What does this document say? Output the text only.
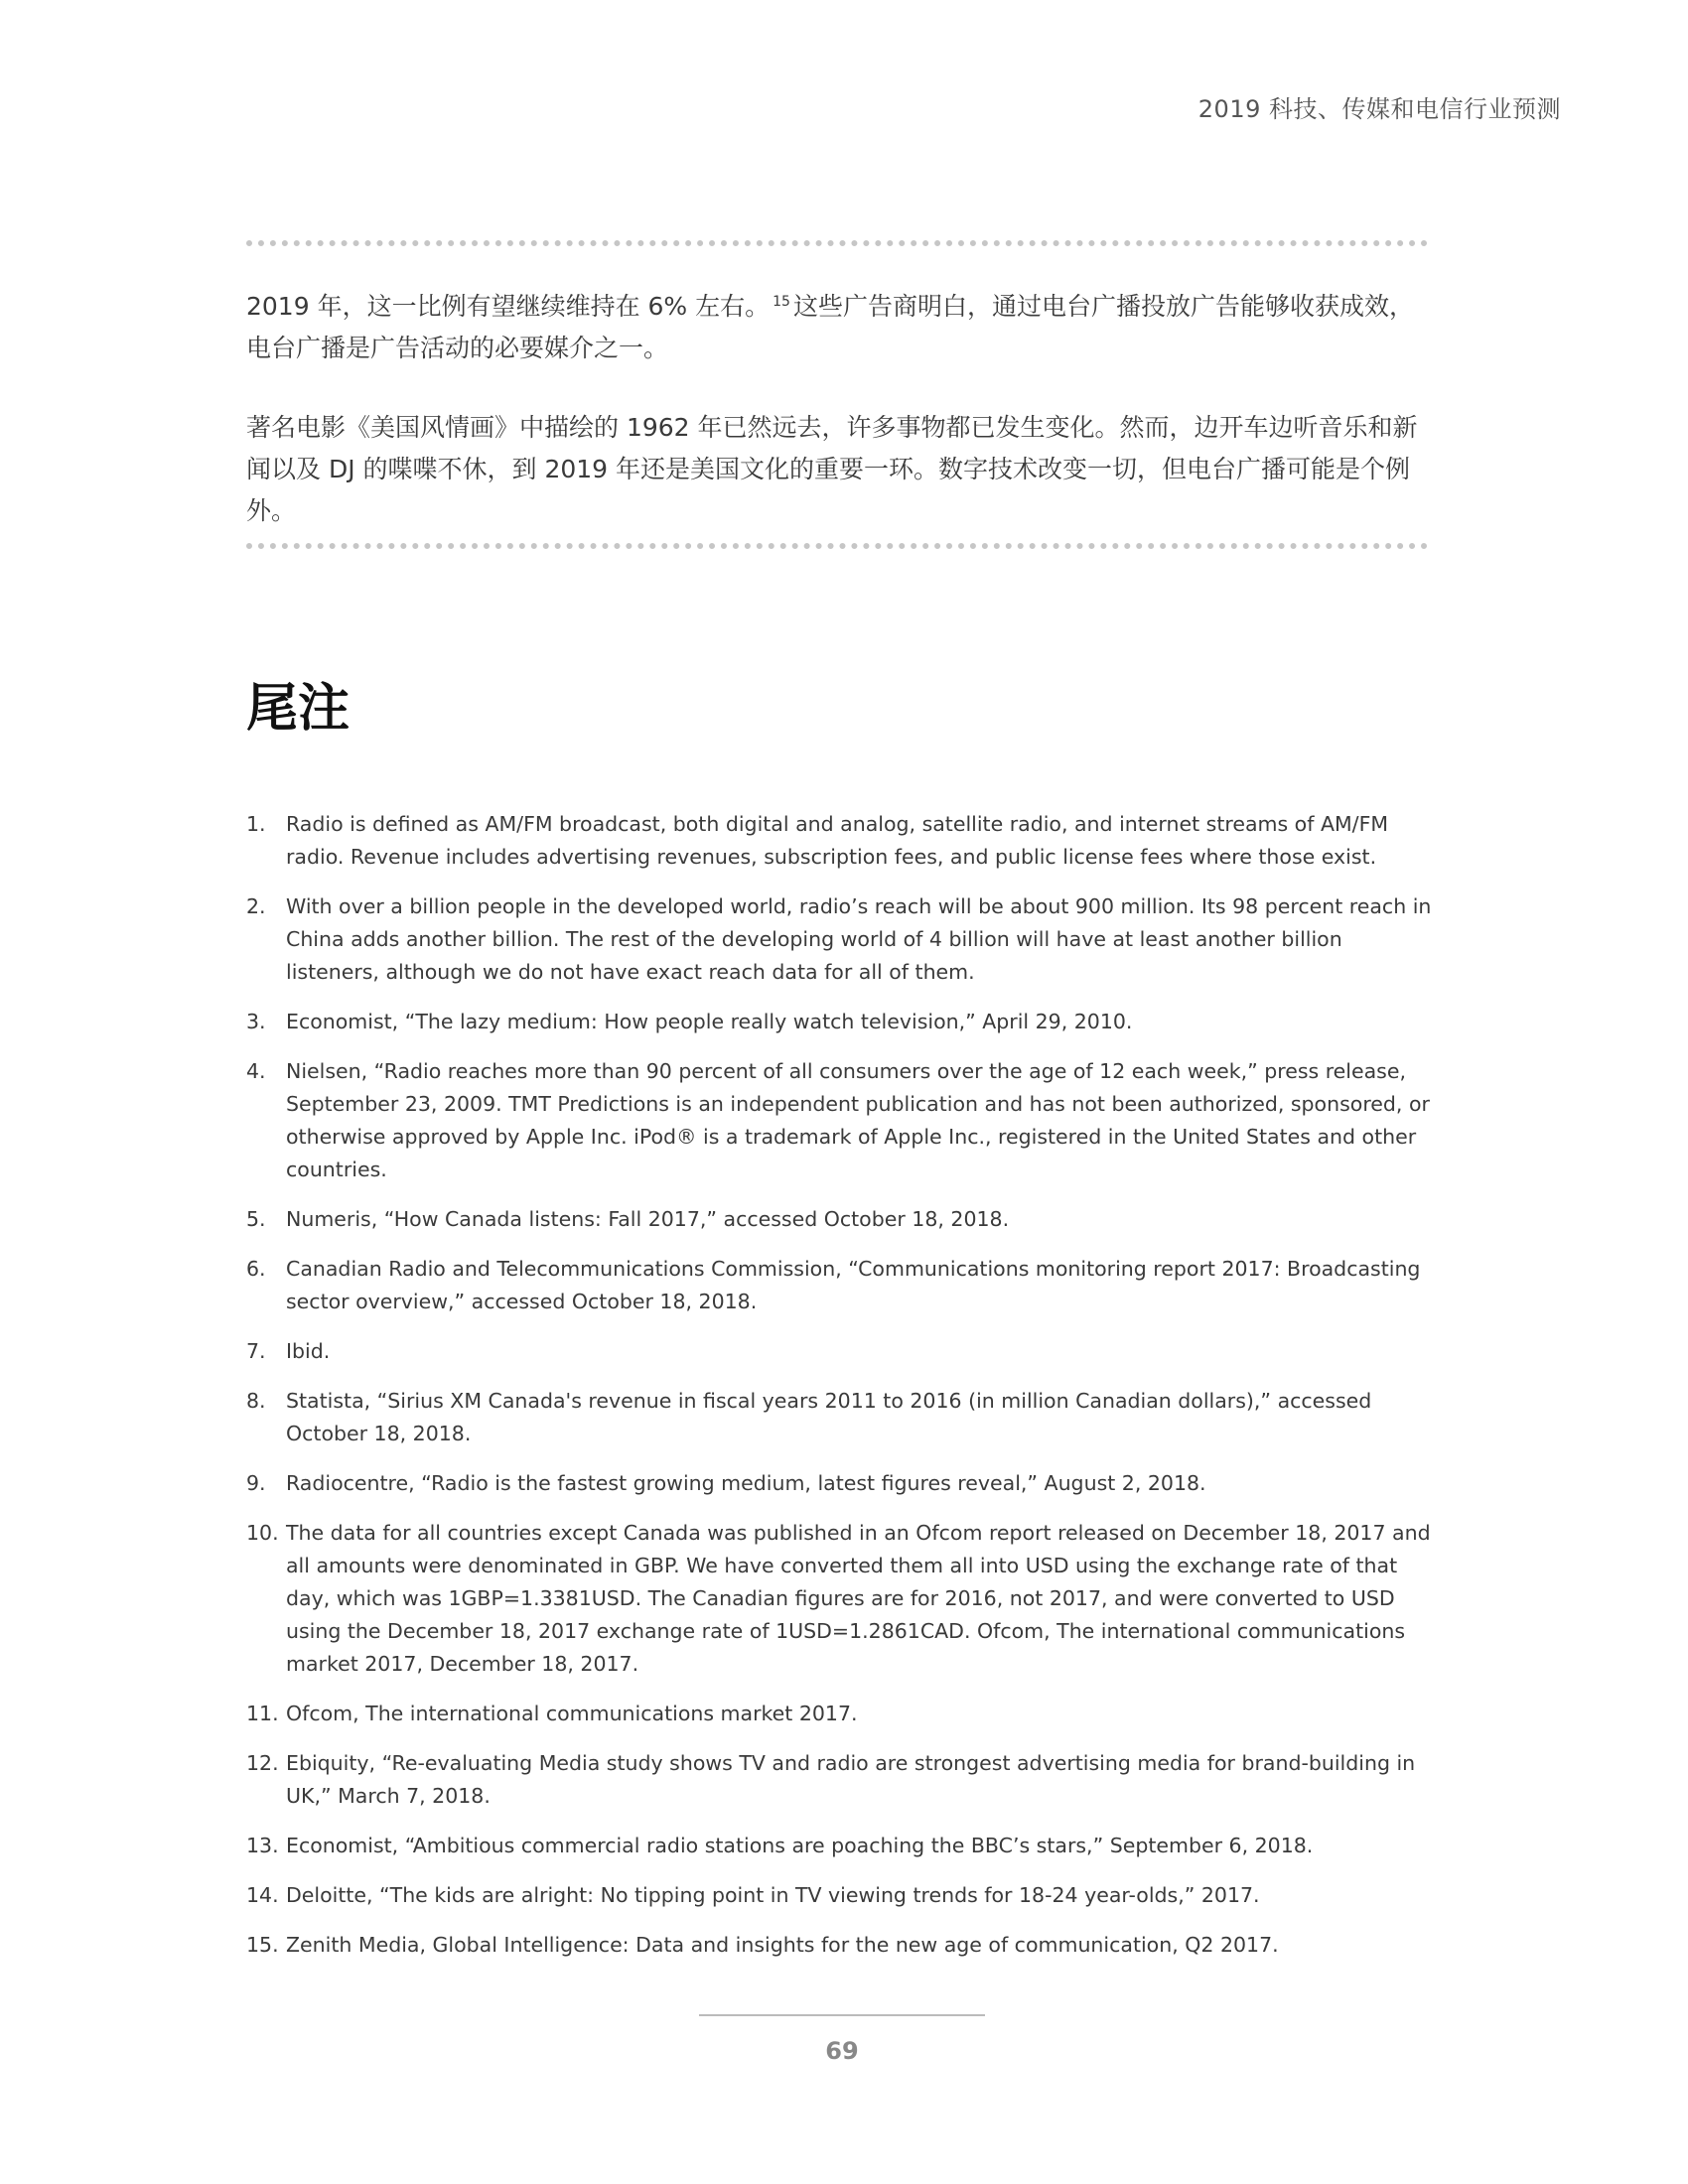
2019 科技、传媒和电信行业预测

2019 年，这一比例有望继续维持在 6% 左右。 $^{15}$ 这些广告商明白，通过电台广播投放广告能够收获成效，电台广播是广告活动的必要媒介之一。

著名电影《美国风情画》中描绘的 1962 年已然远去，许多事物都已发生变化。然而，边开车边听音乐和新闻以及 DJ 的喋喋不休，到 2019 年还是美国文化的重要一环。数字技术改变一切，但电台广播可能是个例外。

尾注
1. Radio is defined as AM/FM broadcast, both digital and analog, satellite radio, and internet streams of AM/FM radio. Revenue includes advertising revenues, subscription fees, and public license fees where those exist.
2. With over a billion people in the developed world, radio’s reach will be about 900 million. Its 98 percent reach in China adds another billion. The rest of the developing world of 4 billion will have at least another billion listeners, although we do not have exact reach data for all of them.
3. Economist, “The lazy medium: How people really watch television,” April 29, 2010.
4. Nielsen, “Radio reaches more than 90 percent of all consumers over the age of 12 each week,” press release, September 23, 2009. TMT Predictions is an independent publication and has not been authorized, sponsored, or otherwise approved by Apple Inc. iPod® is a trademark of Apple Inc., registered in the United States and other countries.
5. Numeris, “How Canada listens: Fall 2017,” accessed October 18, 2018.
6. Canadian Radio and Telecommunications Commission, “Communications monitoring report 2017: Broadcasting sector overview,” accessed October 18, 2018.
7. Ibid.
8. Statista, “Sirius XM Canada's revenue in fiscal years 2011 to 2016 (in million Canadian dollars),” accessed October 18, 2018.
9. Radiocentre, “Radio is the fastest growing medium, latest figures reveal,” August 2, 2018.
10. The data for all countries except Canada was published in an Ofcom report released on December 18, 2017 and all amounts were denominated in GBP. We have converted them all into USD using the exchange rate of that day, which was 1GBP=1.3381USD. The Canadian figures are for 2016, not 2017, and were converted to USD using the December 18, 2017 exchange rate of 1USD=1.2861CAD. Ofcom, The international communications market 2017, December 18, 2017.
11. Ofcom, The international communications market 2017.
12. Ebiquity, “Re-evaluating Media study shows TV and radio are strongest advertising media for brand-building in UK,” March 7, 2018.
13. Economist, “Ambitious commercial radio stations are poaching the BBC’s stars,” September 6, 2018.
14. Deloitte, “The kids are alright: No tipping point in TV viewing trends for 18-24 year-olds,” 2017.
15. Zenith Media, Global Intelligence: Data and insights for the new age of communication, Q2 2017.
69
